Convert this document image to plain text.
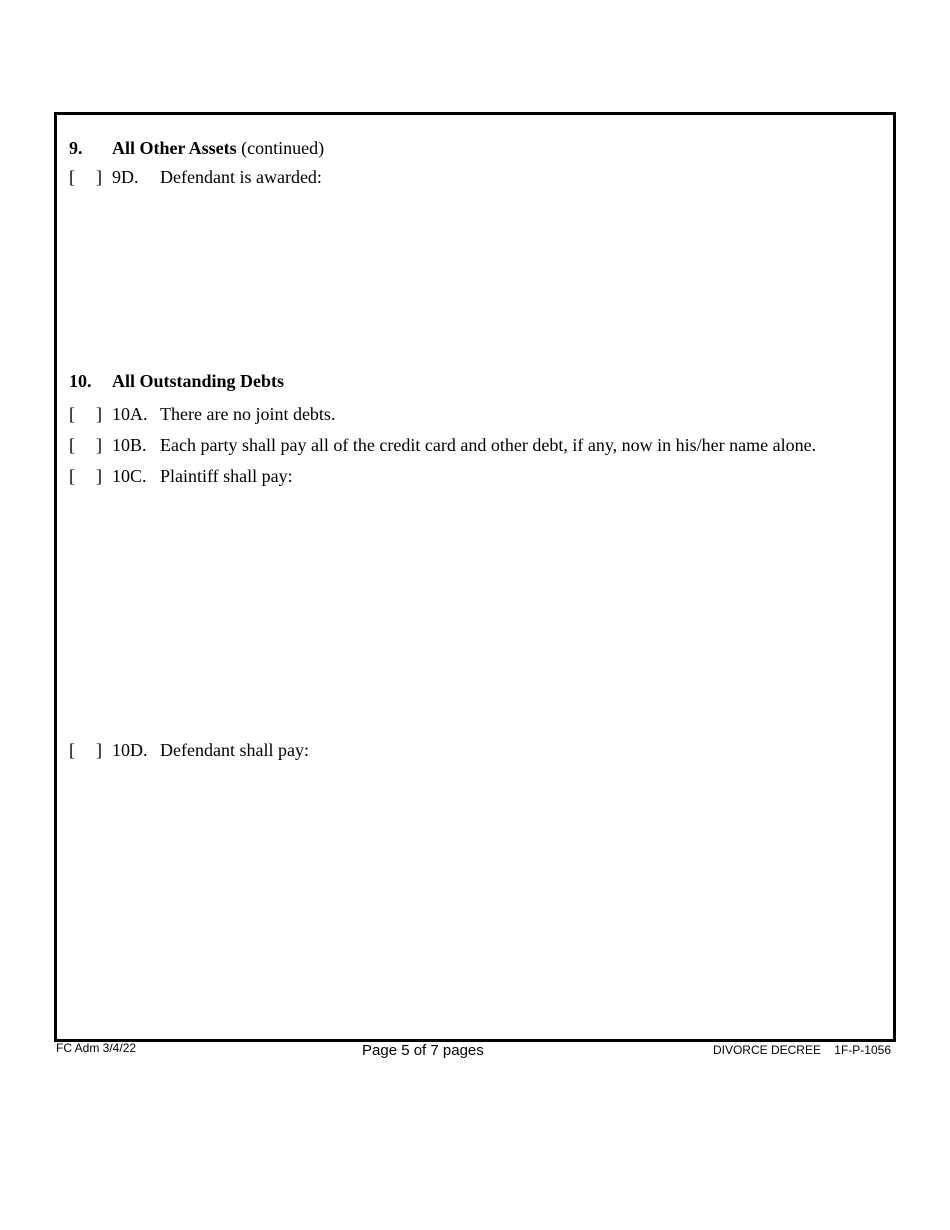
9. All Other Assets (continued)
[ ] 9D. Defendant is awarded:
10. All Outstanding Debts
[ ] 10A. There are no joint debts.
[ ] 10B. Each party shall pay all of the credit card and other debt, if any, now in his/her name alone.
[ ] 10C. Plaintiff shall pay:
[ ] 10D. Defendant shall pay:
FC Adm 3/4/22	Page 5 of 7 pages	DIVORCE DECREE    1F-P-1056
